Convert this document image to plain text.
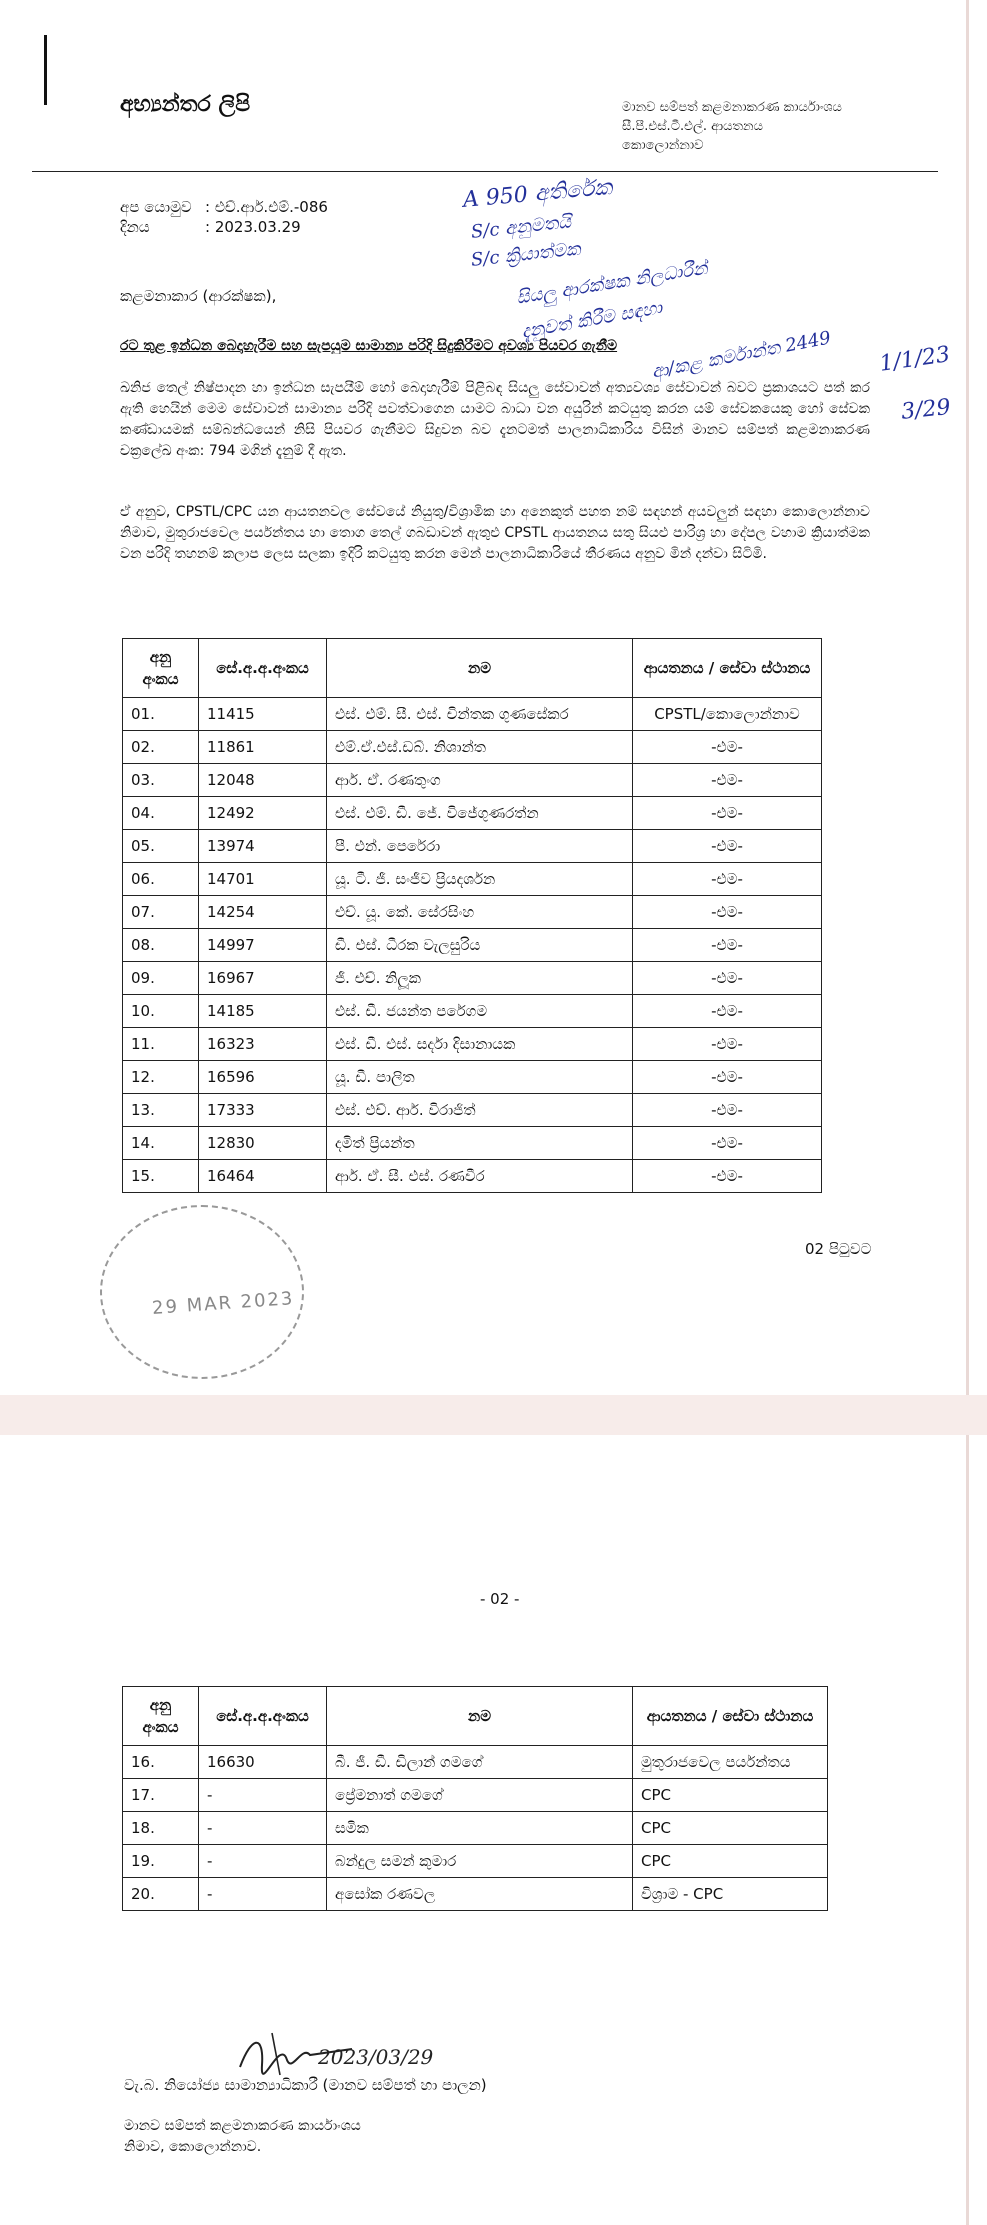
අභ්‍යන්තර ලිපි	මානව සම්පත් කළමනාකරණ කාර්යාංශය
සී.පී.එස්.ටී.එල්. ආයතනය
කොලොන්නාව
අප යොමුව : එච්.ආර්.එම්.-086
දිනය	: 2023.03.29
කළමනාකාර (ආරක්ෂක),
රට තුළ ඉන්ධන බෙදාහැරීම සහ සැපයුම සාමාන්‍ය පරිදි සිදුකිරීමට අවශ්‍ය පියවර ගැනීම
ඛනිජ තෙල් නිෂ්පාදන හා ඉන්ධන සැපයීම් හෝ බෙදාහැරීම් පිළිබඳ සියලු සේවාවන් අත්‍යවශ්‍ය සේවාවන් බවට ප්‍රකාශයට පත් කර ඇති හෙයින් මෙම සේවාවන් සාමාන්‍ය පරිදි පවත්වාගෙන යාමට බාධා වන අයුරින් කටයුතු කරන යම් සේවකයෙකු හෝ සේවක කණ්ඩායමක් සම්බන්ධයෙන් නිසි පියවර ගැනීමට සිදුවන බව දැනටමත් පාලනාධිකාරිය විසින් මානව සම්පත් කළමනාකරණ චක්‍රලේඛ අංක: 794 මගින් දැනුම් දී ඇත.
ඒ අනුව, CPSTL/CPC යන ආයතනවල සේවයේ නියුතු/විශ්‍රාමික හා අනෙකුත් පහත නම් සඳහන් අයවලුන් සඳහා කොලොන්නාව නිමාව, මුතුරාජවෙල පර්යන්තය හා තොග තෙල් ගබඩාවන් ඇතුළු CPSTL ආයතනය සතු සියළු පාරිශ්‍ර හා දේපල වහාම ක්‍රියාත්මක වන පරිදි තහනම් කලාප ලෙස සලකා ඉදිරි කටයුතු කරන මෙන් පාලනාධිකාරියේ තීරණය අනුව මින් දන්වා සිටිමි.
A 950 අතිරේක
S/c අනුමතයි
S/c ක්‍රියාත්මක
සියලු ආරක්ෂක නිලධාරීන්
දැනුවත් කිරීම සඳහා
ආ/කළ කර්මාන්ත 2449 1/1/23
3/29
අනු අංකය	සේ.අ.අ.අංකය	නම	ආයතනය / සේවා ස්ථානය
01.	11415	එස්. එම්. සී. එස්. චින්තක ගුණසේකර	CPSTL/කොලොන්නාව
02.	11861	එම්.ඒ.එස්.ඩබ්. නිශාන්ත	-එම-
03.	12048	ආර්. ඒ. රණතුංග	-එම-
04.	12492	එස්. එම්. ඩී. ජේ. විජේගුණරත්න	-එම-
05.	13974	පී. එන්. පෙරේරා	-එම-
06.	14701	යූ. ටී. ජී. සංජීව ප්‍රියදර්ශන	-එම-
07.	14254	එච්. යූ. කේ. සේරසිංහ	-එම-
08.	14997	ඩී. එස්. ධීරක වැලසුරිය	-එම-
09.	16967	ජී. එච්. නිලූක	-එම-
10.	14185	එස්. ඩී. ජයන්ත පරේගම	-එම-
11.	16323	එස්. ඩී. එස්. සර්දා දිසානායක	-එම-
12.	16596	යූ. ඩී. පාලිත	-එම-
13.	17333	එස්. එච්. ආර්. විරාජිත්	-එම-
14.	12830	දමිත් ප්‍රියන්ත	-එම-
15.	16464	ආර්. ඒ. සී. එස්. රණවීර	-එම-
02 පිටුවට
29 MAR 2023
- 02 -
අනු අංකය	සේ.අ.අ.අංකය	නම	ආයතනය / සේවා ස්ථානය
16.	16630	බී. ජී. ඩී. ඩිලාන් ගමගේ	මුතුරාජවෙල පර්යන්තය
17.	-	ප්‍රේමනාත් ගමගේ	CPC
18.	-	සමික	CPC
19.	-	බන්දුල සමන් කුමාර	CPC
20.	-	අසෝක රණවල	විශ්‍රාම - CPC
2023/03/29
වැ.බ. නියෝජ්‍ය සාමාන්‍යාධිකාරී (මානව සම්පත් හා පාලන)
මානව සම්පත් කළමනාකරණ කාර්යාංශය
නිමාව, කොලොන්නාව.
